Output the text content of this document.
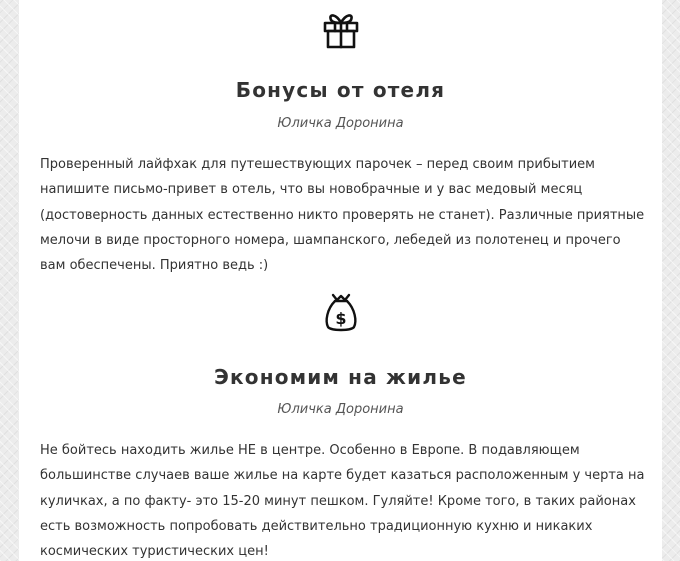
Бонусы от отеля
Юличка Доронина

Проверенный лайфхак для путешествующих парочек – перед своим прибытием напишите письмо-привет в отель, что вы новобрачные и у вас медовый месяц (достоверность данных естественно никто проверять не станет). Различные приятные мелочи в виде просторного номера, шампанского, лебедей из полотенец и прочего вам обеспечены. Приятно ведь :)

$
Экономим на жилье
Юличка Доронина

Не бойтесь находить жилье НЕ в центре. Особенно в Европе. В подавляющем большинстве случаев ваше жилье на карте будет казаться расположенным у черта на куличках, а по факту- это 15-20 минут пешком. Гуляйте! Кроме того, в таких районах есть возможность попробовать действительно традиционную кухню и никаких космических туристических цен!
